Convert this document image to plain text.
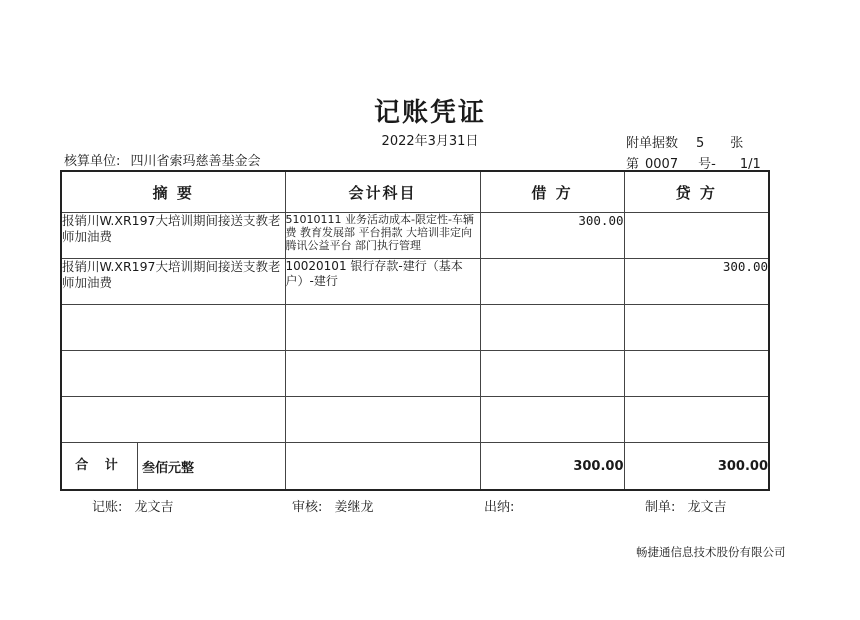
记账凭证
2022年3月31日
核算单位: 四川省索玛慈善基金会
附单据数 5 张
第 0007 号- 1/1
摘 要	会计科目	借 方	贷 方
报销川W.XR197大培训期间接送支教老师加油费	51010111 业务活动成本-限定性-车辆费 教育发展部 平台捐款 大培训非定向 腾讯公益平台 部门执行管理	300.00	
报销川W.XR197大培训期间接送支教老师加油费	10020101 银行存款-建行（基本户）-建行		300.00

合 计 叁佰元整		300.00	300.00
记账: 龙文吉	审核: 姜继龙	出纳:	制单: 龙文吉
畅捷通信息技术股份有限公司
